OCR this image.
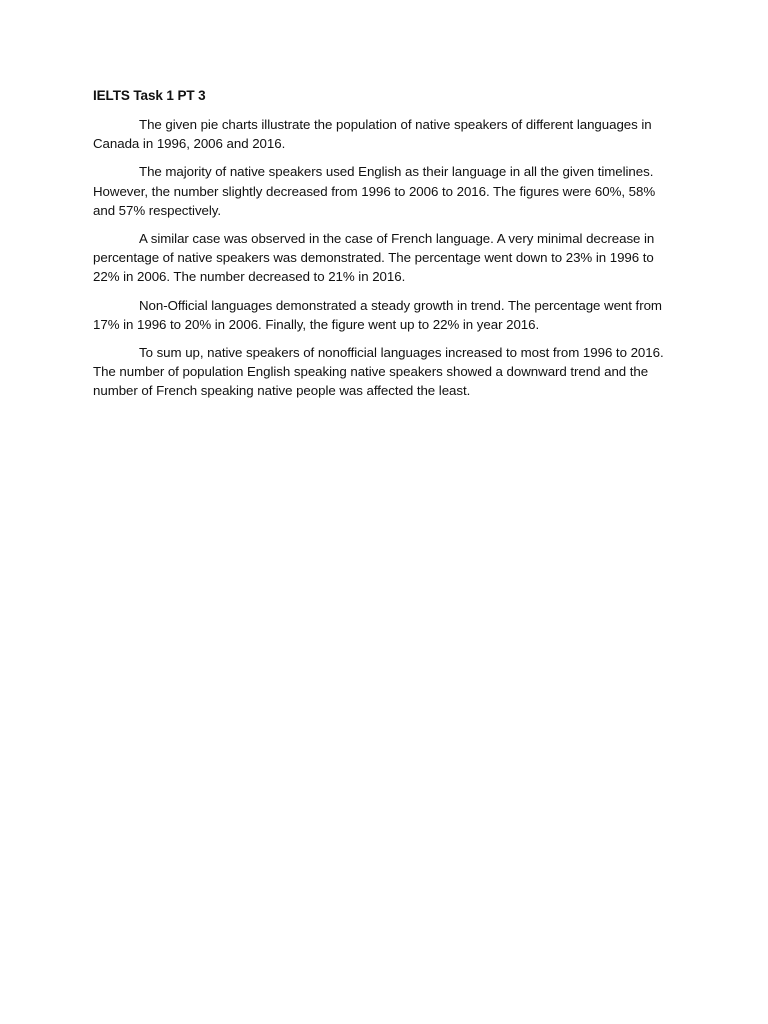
IELTS Task 1 PT 3

The given pie charts illustrate the population of native speakers of different languages in Canada in 1996, 2006 and 2016.

The majority of native speakers used English as their language in all the given timelines. However, the number slightly decreased from 1996 to 2006 to 2016. The figures were 60%, 58% and 57% respectively.

A similar case was observed in the case of French language. A very minimal decrease in percentage of native speakers was demonstrated. The percentage went down to 23% in 1996 to 22% in 2006. The number decreased to 21% in 2016.

Non-Official languages demonstrated a steady growth in trend. The percentage went from 17% in 1996 to 20% in 2006. Finally, the figure went up to 22% in year 2016.

To sum up, native speakers of nonofficial languages increased to most from 1996 to 2016. The number of population English speaking native speakers showed a downward trend and the number of French speaking native people was affected the least.
